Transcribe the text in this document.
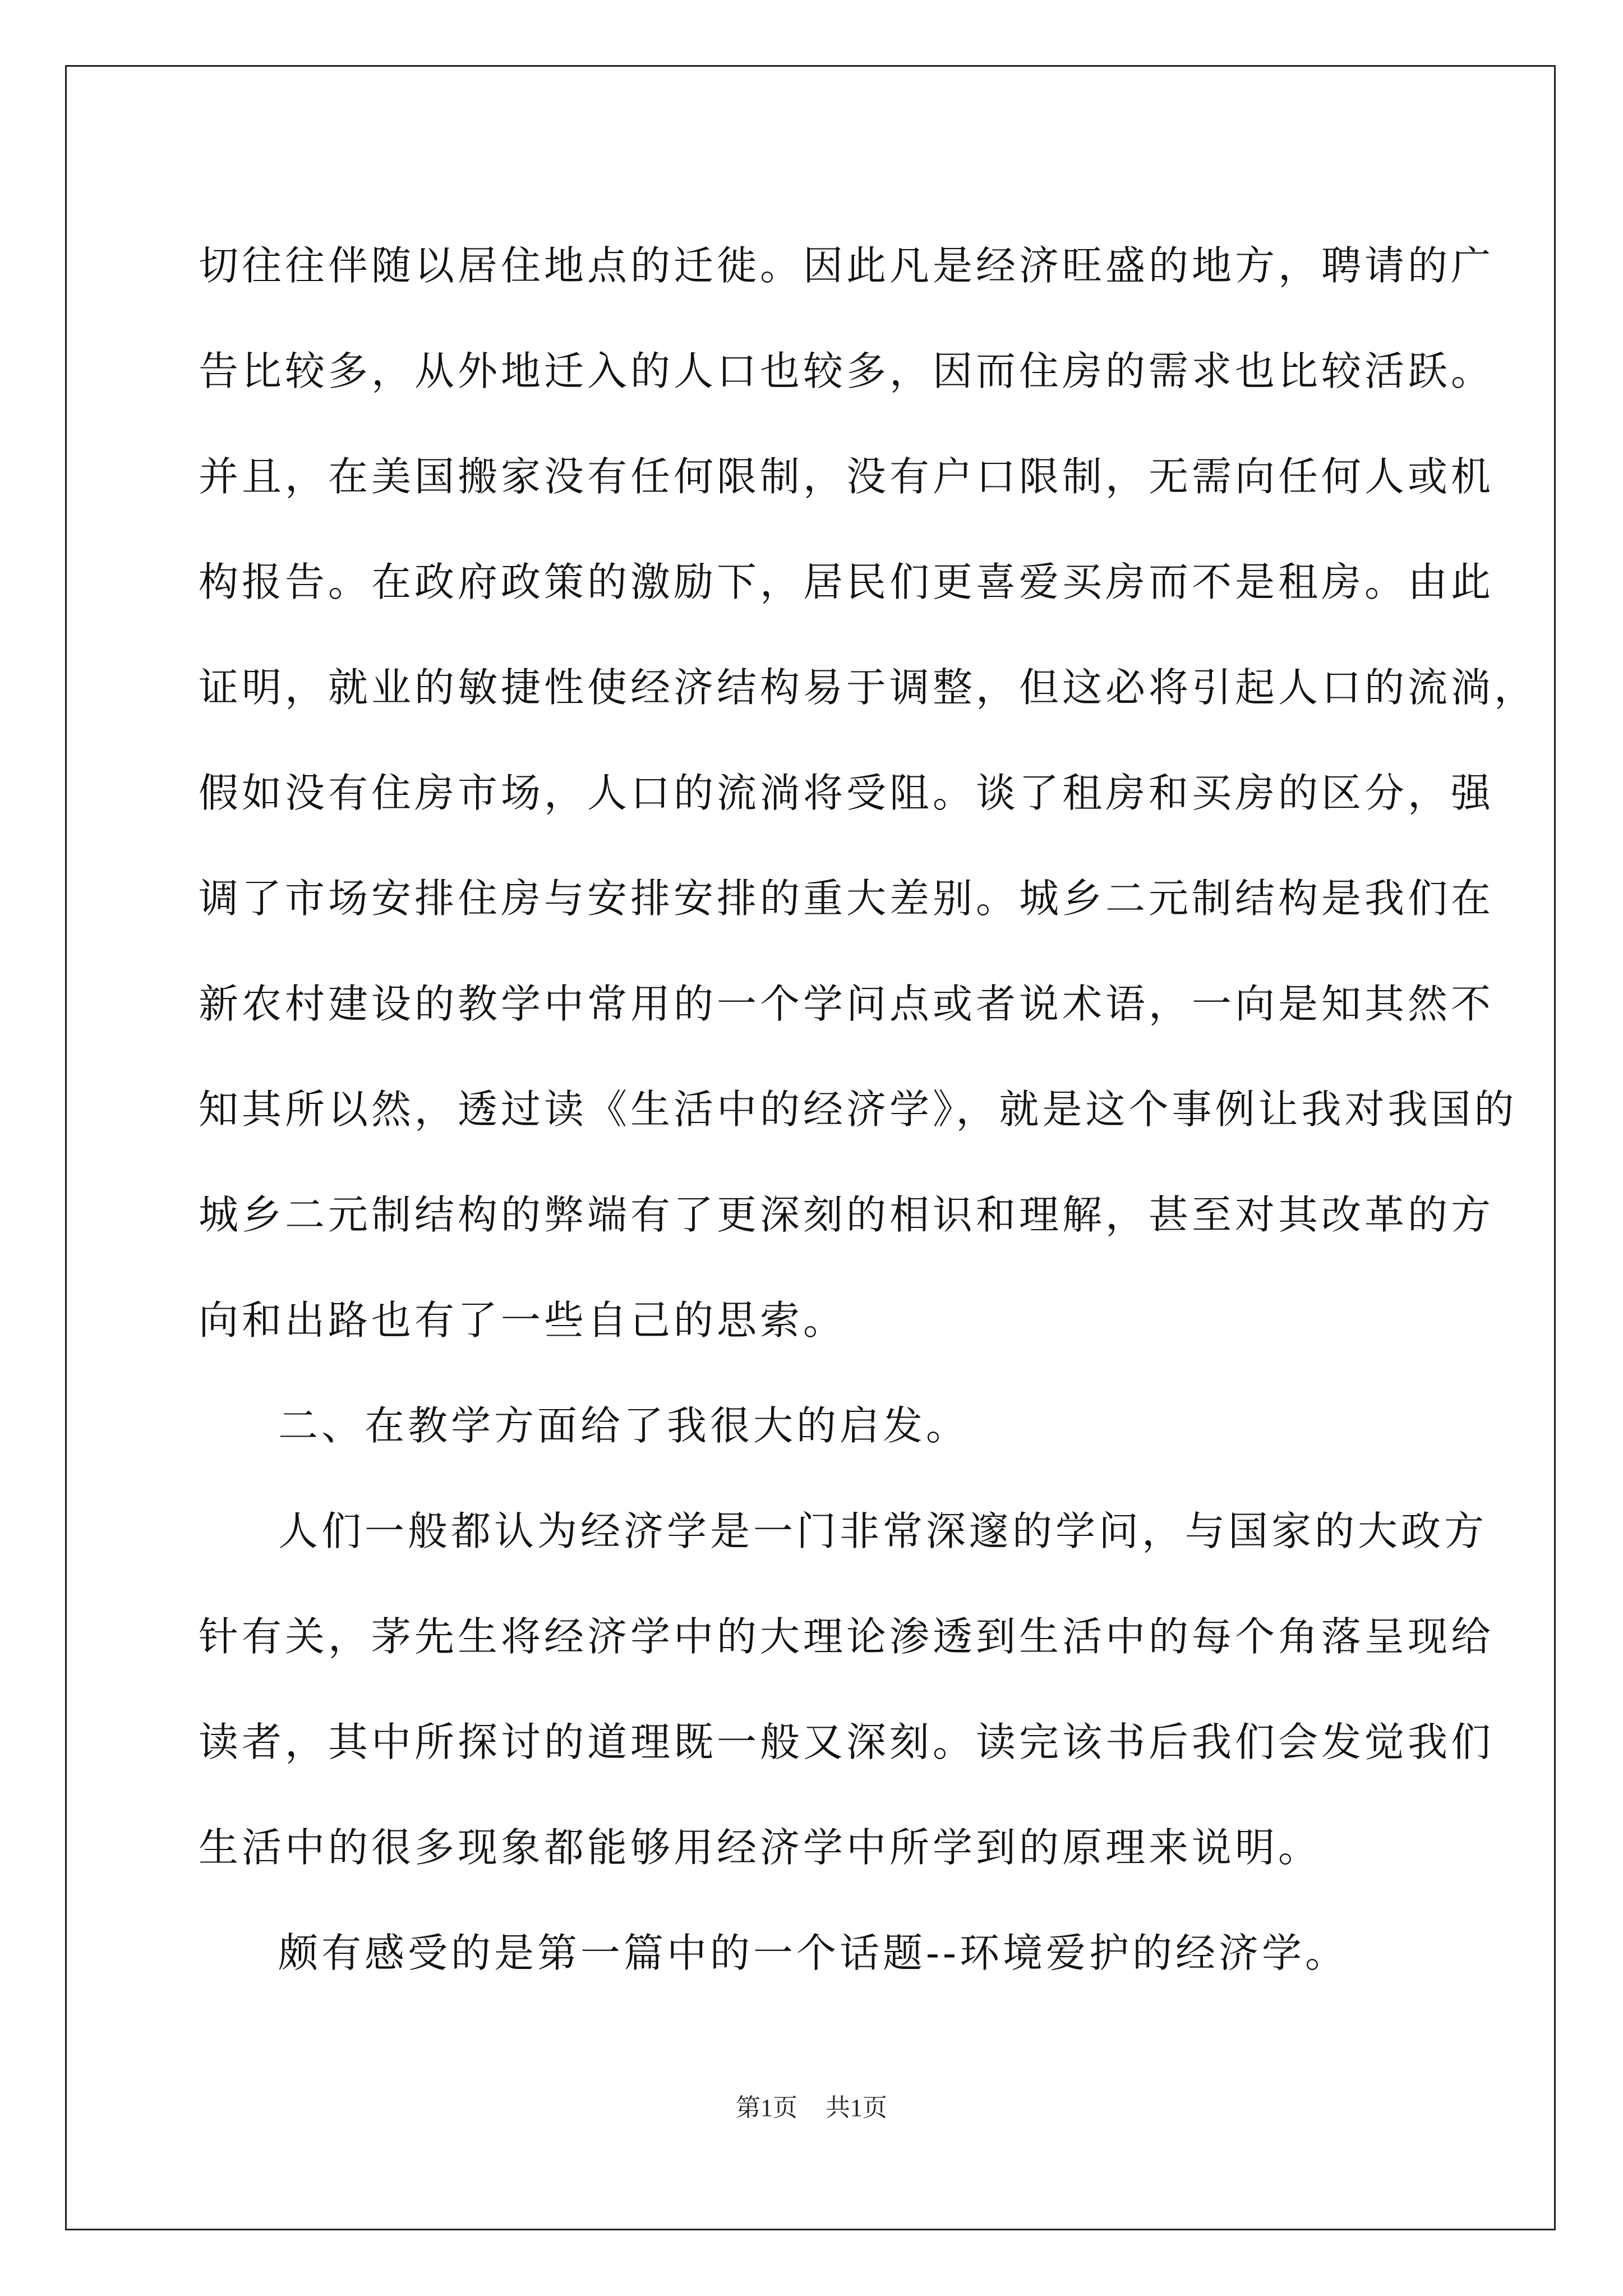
切往往伴随以居住地点的迁徙。因此凡是经济旺盛的地方，聘请的广
告比较多，从外地迁入的人口也较多，因而住房的需求也比较活跃。
并且，在美国搬家没有任何限制，没有户口限制，无需向任何人或机
构报告。在政府政策的激励下，居民们更喜爱买房而不是租房。由此
证明，就业的敏捷性使经济结构易于调整，但这必将引起人口的流淌，
假如没有住房市场，人口的流淌将受阻。谈了租房和买房的区分，强
调了市场安排住房与安排安排的重大差别。城乡二元制结构是我们在
新农村建设的教学中常用的一个学问点或者说术语，一向是知其然不
知其所以然，透过读《生活中的经济学》，就是这个事例让我对我国的
城乡二元制结构的弊端有了更深刻的相识和理解，甚至对其改革的方
向和出路也有了一些自己的思索。
二、在教学方面给了我很大的启发。
人们一般都认为经济学是一门非常深邃的学问，与国家的大政方
针有关，茅先生将经济学中的大理论渗透到生活中的每个角落呈现给
读者，其中所探讨的道理既一般又深刻。读完该书后我们会发觉我们
生活中的很多现象都能够用经济学中所学到的原理来说明。
颇有感受的是第一篇中的一个话题--环境爱护的经济学。
第1页 共1页
